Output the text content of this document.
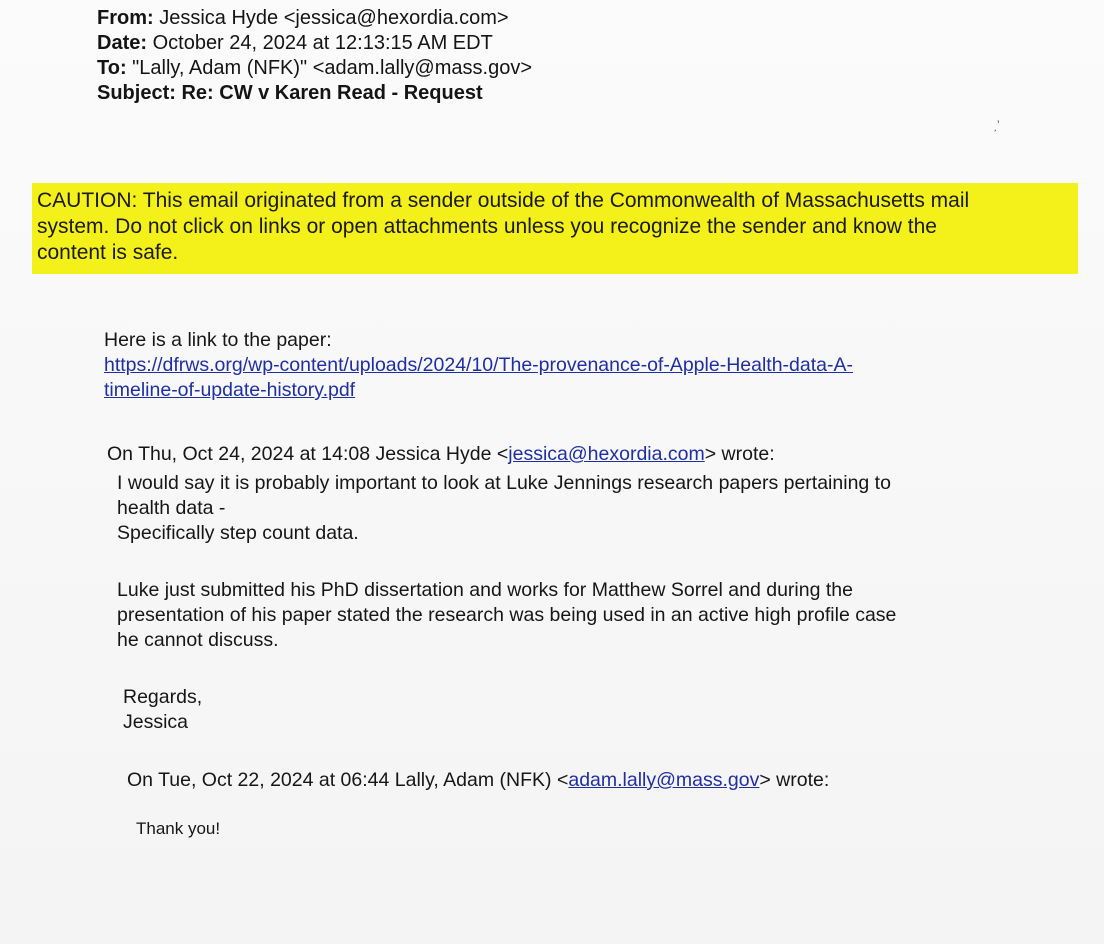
From: Jessica Hyde <jessica@hexordia.com>
Date: October 24, 2024 at 12:13:15 AM EDT
To: "Lally, Adam (NFK)" <adam.lally@mass.gov>
Subject: Re: CW v Karen Read - Request
ˏ’
CAUTION: This email originated from a sender outside of the Commonwealth of Massachusetts mail
system. Do not click on links or open attachments unless you recognize the sender and know the
content is safe.
Here is a link to the paper:
https://dfrws.org/wp-content/uploads/2024/10/The-provenance-of-Apple-Health-data-A-
timeline-of-update-history.pdf
On Thu, Oct 24, 2024 at 14:08 Jessica Hyde <jessica@hexordia.com> wrote:

I would say it is probably important to look at Luke Jennings research papers pertaining to

health data -

Specifically step count data.

Luke just submitted his PhD dissertation and works for Matthew Sorrel and during the

presentation of his paper stated the research was being used in an active high profile case

he cannot discuss.

Regards,

Jessica

On Tue, Oct 22, 2024 at 06:44 Lally, Adam (NFK) <adam.lally@mass.gov> wrote:
Thank you!
